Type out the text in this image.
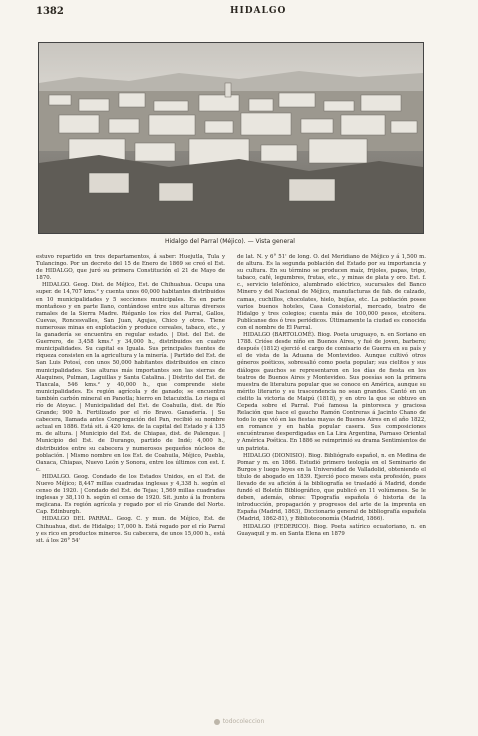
1382	HIDALGO
Hidalgo del Parral (Méjico). — Vista general

estuvo repartido en tres departamentos, á saber: Huejutla, Tula y Tulancingo. Por un decreto del 15 de Enero de 1869 se creó el Est. de HIDALGO, que juró su primera Constitución el 21 de Mayo de 1870.

HIDALGO. Geog. Dist. de Méjico, Est. de Chihuahua. Ocupa una super. de 14,707 kms.² y cuenta unos 60,000 habitantes distribuidos en 10 municipalidades y 5 secciones municipales. Es en parte montañoso y en parte llano, contándose entre sus alturas diversos ramales de la Sierra Madre. Riéganlo los ríos del Parral, Gallos, Cuevas, Roncesvalles, San Juan, Agujas, Chico y otros. Tiene numerosas minas en explotación y produce cereales, tabaco, etc., y la ganadería se encuentra en regular estado. | Dist. del Est. de Guerrero, de 3,458 kms.² y 34,000 h., distribuidos en cuatro municipalidades. Su capital es Iguala. Sus principales fuentes de riqueza consisten en la agricultura y la minería. | Partido del Est. de San Luis Potosí, con unos 50,000 habitantes distribuidos en cinco municipalidades. Sus alturas más importantes son las sierras de Alaquines, Pulman, Laguillas y Santa Catalina. | Distrito del Est. de Tlaxcala, 546 kms.² y 40,000 h., que comprende siete municipalidades. Es región agrícola y de ganado; se encuentra también carbón mineral en Panotla; hierro en Ixtacuixtla. Lo riega el río de Atoyac. | Municipalidad del Est. de Coahuila, dist. de Río Grande; 900 h. Fertilizado por el río Bravo. Ganadería. | Su cabecera, llamada antes Congregación del Pan, recibió su nombre actual en 1886. Está sit. á 420 kms. de la capital del Estado y á 135 m. de altura. | Municipio del Est. de Chiapas, dist. de Palenque. | Municipio del Est. de Durango, partido de Indé; 4,000 h., distribuidos entre su cabecera y numerosos pequeños núcleos de población. | Mismo nombre en los Est. de Coahuila, Méjico, Puebla, Oaxaca, Chiapas, Nuevo León y Sonora, entre los últimos con est. f. c.

HIDALGO. Geog. Condado de los Estados Unidos, en el Est. de Nuevo Méjico; 8,447 millas cuadradas inglesas y 4,338 h. según el censo de 1920. | Condado del Est. de Tejas; 1,569 millas cuadradas inglesas y 38,110 h. según el censo de 1920. Sit. junto á la frontera mejicana. Es región agrícola y regado por el río Grande del Norte. Cap. Edinburgh.

HIDALGO DEL PARRAL. Geog. C. y mun. de Méjico, Est. de Chihuahua, dist. de Hidalgo; 17,000 h. Está regado por el río Parral y es rico en productos mineros. Su cabecera, de unos 15,000 h., está sit. á los 26° 54'

de lat. N. y 6° 51' de long. O. del Meridiano de Méjico y á 1,500 m. de altura. Es la segunda población del Estado por su importancia y su cultura. En su término se producen maíz, frijoles, papas, trigo, tabaco, café, legumbres, frutas, etc., y minas de plata y oro. Est. f. c., servicio telefónico, alumbrado eléctrico, sucursales del Banco Minero y del Nacional de Méjico, manufacturas de fab. de calzado, camas, cuchillos, chocolates, hielo, bujías, etc. La población posee varios buenos hoteles, Casa Consistorial, mercado, teatro de Hidalgo y tres colegios; cuenta más de 100,000 pesos, etcétera. Publícanse dos ó tres periódicos. Últimamente la ciudad es conocida con el nombre de El Parral.

HIDALGO (BARTOLOMÉ). Biog. Poeta uruguayo, n. en Soriano en 1788. Crióse desde niño en Buenos Aires, y fué de joven, barbero; después (1812) ejerció el cargo de comisario de Guerra en su país y el de vista de la Aduana de Montevideo. Aunque cultivó otros géneros poéticos, sobresalió como poeta popular; sus cielitos y sus diálogos gauchos se representaron en los días de fiesta en los teatros de Buenos Aires y Montevideo. Sus poesías son la primera muestra de literatura popular que se conoce en América, aunque su mérito literario y su trascendencia no sean grandes. Cantó en un cielito la victoria de Maipú (1818), y en otro la que se obtuvo en Cepeda sobre el Parral. Fué famosa la pintoresca y graciosa Relación que hace el gaucho Ramón Contreras á Jacinto Chano de todo lo que vió en las fiestas mayas de Buenos Aires en el año 1822, en romance y en habla popular casera. Sus composiciones encuéntranse desperdigadas en La Lira Argentina, Parnaso Oriental y América Poética. En 1886 se reimprimió su drama Sentimientos de un patriota.

HIDALGO (DIONISIO). Biog. Bibliógrafo español, n. en Medina de Pomar y m. en 1866. Estudió primero teología en el Seminario de Burgos y luego leyes en la Universidad de Valladolid, obteniendo el título de abogado en 1839. Ejerció poco meses esta profesión, pues llevado de su afición á la bibliografía se trasladó á Madrid, donde fundó el Boletín Bibliográfico, que publicó en 11 volúmenes. Se le deben, además, obras: Tipografía española ó historia de la introducción, propagación y progresos del arte de la imprenta en España (Madrid, 1863), Diccionario general de bibliografía española (Madrid, 1862-81), y Biblioteconomía (Madrid, 1866).

HIDALGO (FEDERICO). Biog. Poeta satírico ecuatoriano, n. en Guayaquil y m. en Santa Elena en 1879

todocoleccion
